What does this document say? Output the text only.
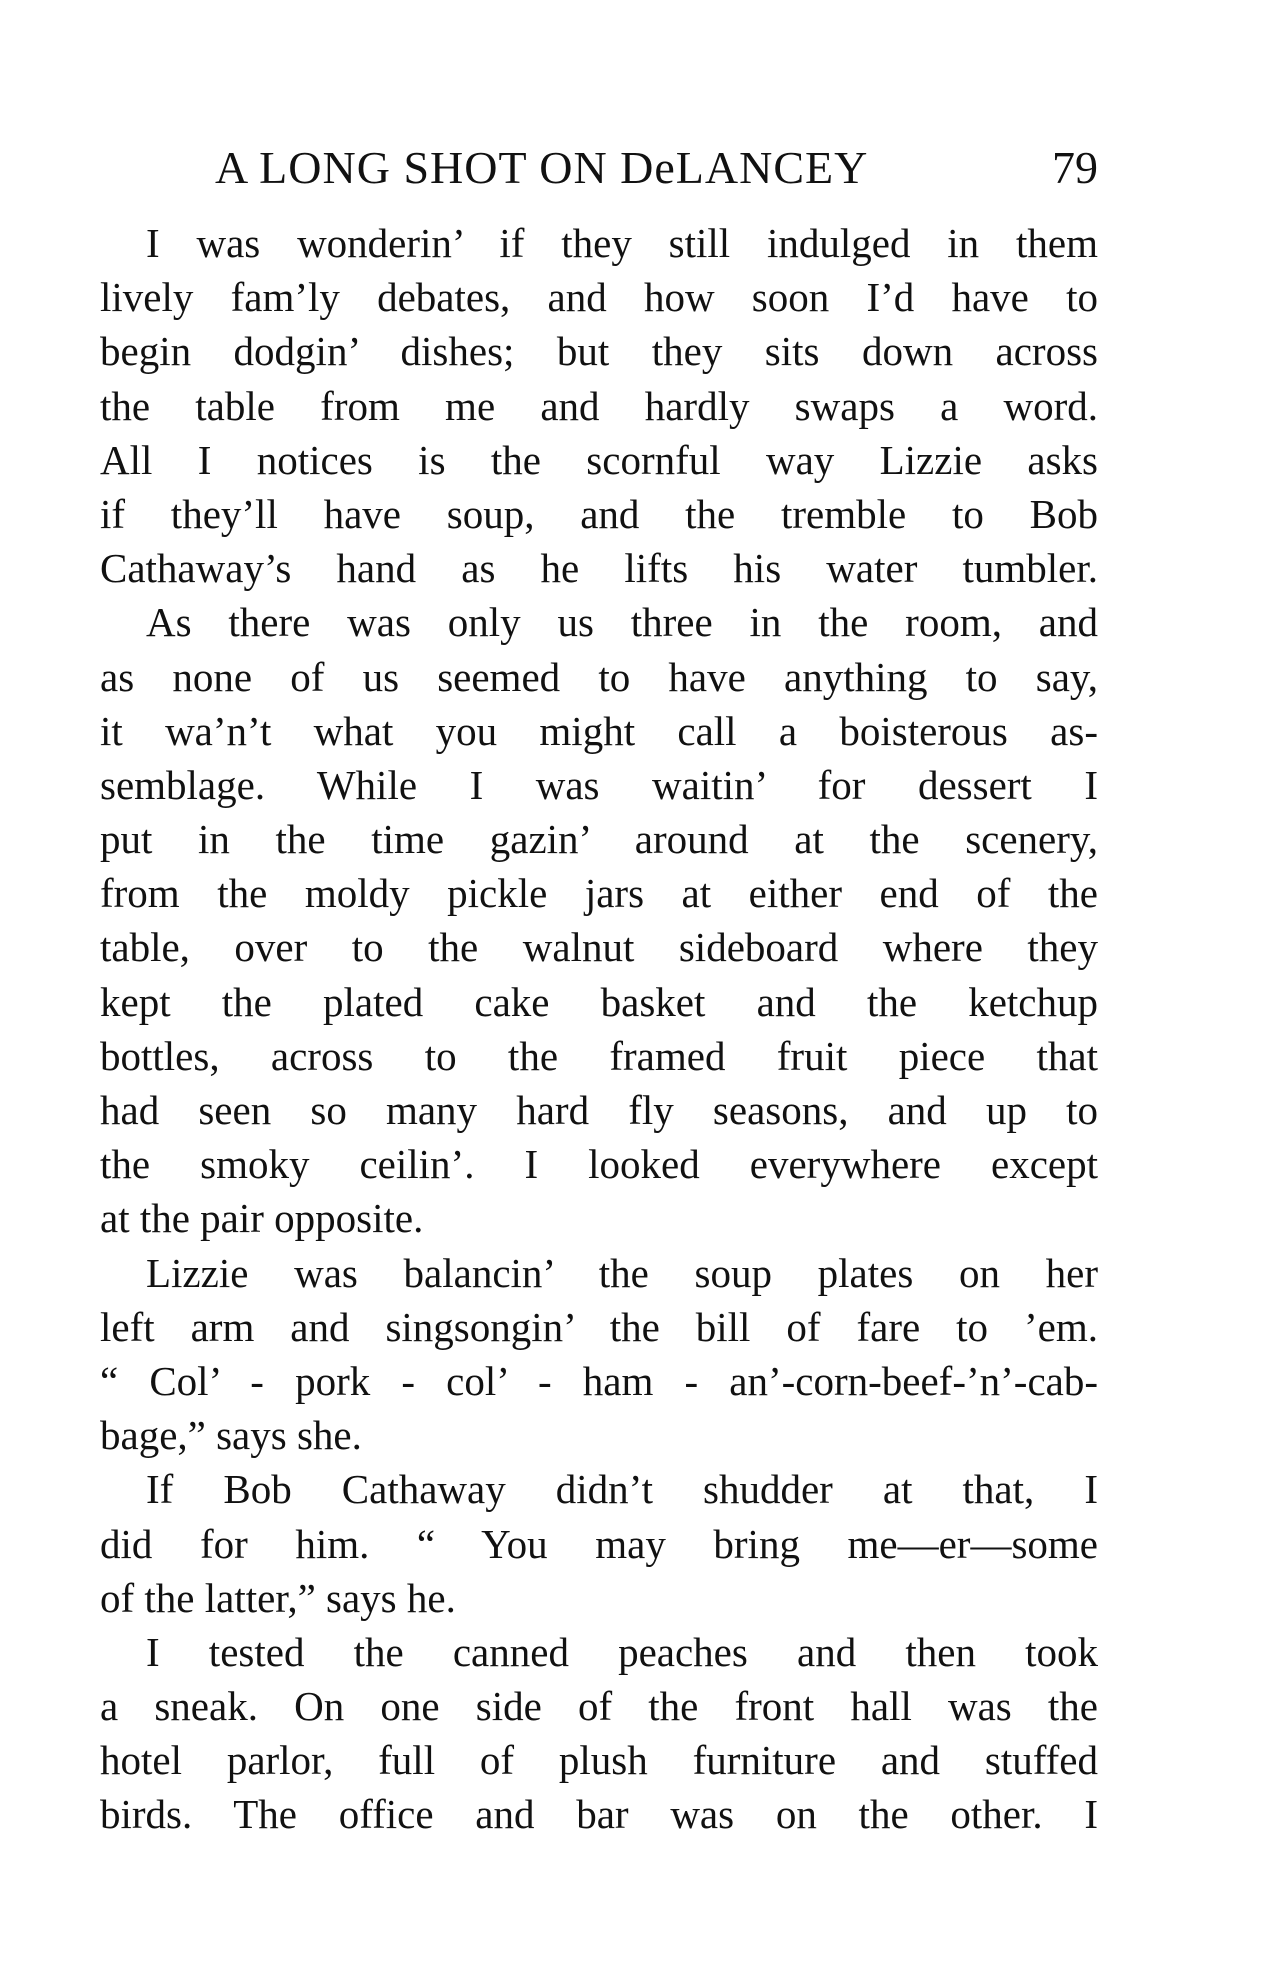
A LONG SHOT ON DeLANCEY	79
I was wonderin’ if they still indulged in them
lively fam’ly debates, and how soon I’d have to
begin dodgin’ dishes; but they sits down across
the table from me and hardly swaps a word.
All I notices is the scornful way Lizzie asks
if they’ll have soup, and the tremble to Bob
Cathaway’s hand as he lifts his water tumbler.
As there was only us three in the room, and
as none of us seemed to have anything to say,
it wa’n’t what you might call a boisterous as-
semblage. While I was waitin’ for dessert I
put in the time gazin’ around at the scenery,
from the moldy pickle jars at either end of the
table, over to the walnut sideboard where they
kept the plated cake basket and the ketchup
bottles, across to the framed fruit piece that
had seen so many hard fly seasons, and up to
the smoky ceilin’. I looked everywhere except
at the pair opposite.
Lizzie was balancin’ the soup plates on her
left arm and singsongin’ the bill of fare to ’em.
“ Col’ - pork - col’ - ham - an’-corn-beef-’n’-cab-
bage,” says she.
If Bob Cathaway didn’t shudder at that, I
did for him. “ You may bring me—er—some
of the latter,” says he.
I tested the canned peaches and then took
a sneak. On one side of the front hall was the
hotel parlor, full of plush furniture and stuffed
birds. The office and bar was on the other. I
